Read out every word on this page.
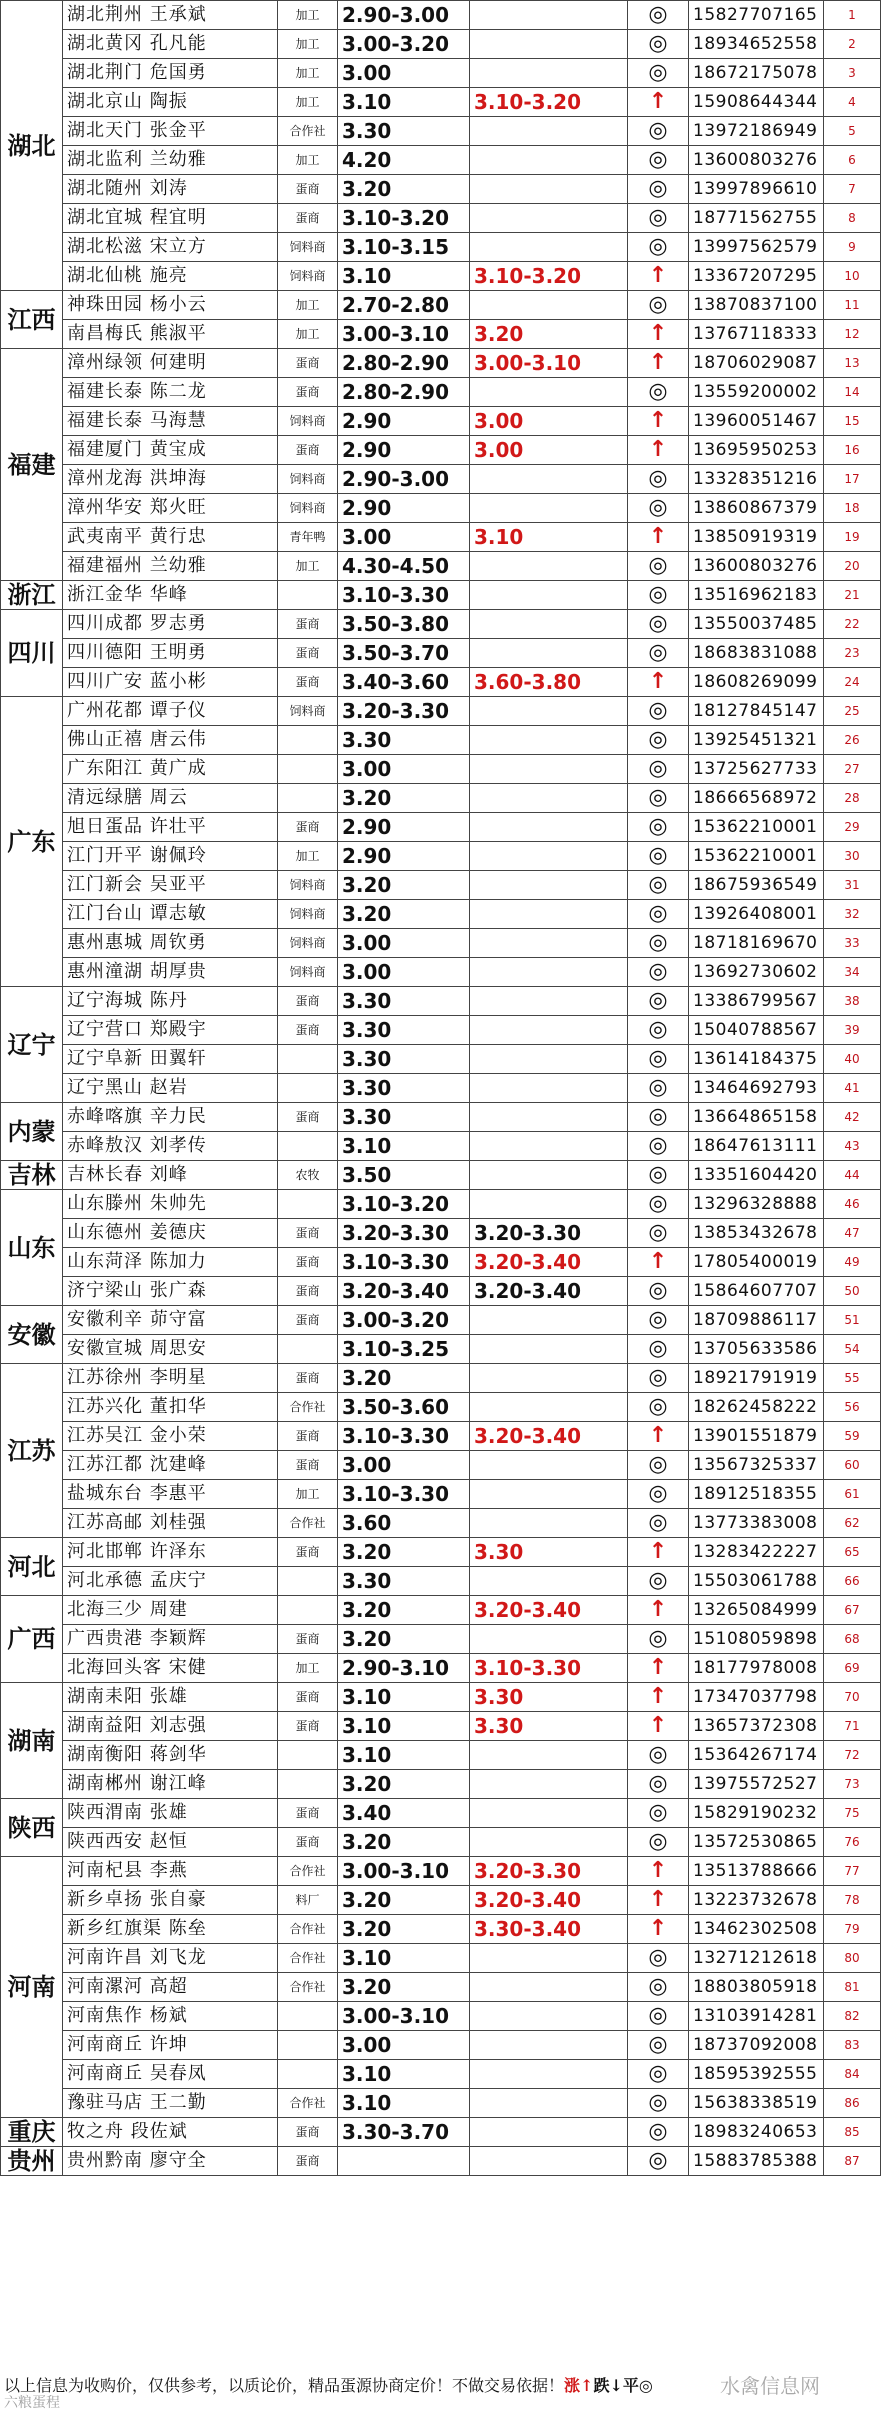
湖北	湖北荆州 王承斌	加工	2.90-3.00		◎	15827707165	1
	湖北黄冈 孔凡能	加工	3.00-3.20		◎	18934652558	2
	湖北荆门 危国勇	加工	3.00		◎	18672175078	3
	湖北京山 陶振	加工	3.10	3.10-3.20	↑	15908644344	4
	湖北天门 张金平	合作社	3.30		◎	13972186949	5
	湖北监利 兰幼雅	加工	4.20		◎	13600803276	6
	湖北随州 刘涛	蛋商	3.20		◎	13997896610	7
	湖北宜城 程宜明	蛋商	3.10-3.20		◎	18771562755	8
	湖北松滋 宋立方	饲料商	3.10-3.15		◎	13997562579	9
	湖北仙桃 施亮	饲料商	3.10	3.10-3.20	↑	13367207295	10
江西	神珠田园 杨小云	加工	2.70-2.80		◎	13870837100	11
	南昌梅氏 熊淑平	加工	3.00-3.10	3.20	↑	13767118333	12
福建	漳州绿领 何建明	蛋商	2.80-2.90	3.00-3.10	↑	18706029087	13
	福建长泰 陈二龙	蛋商	2.80-2.90		◎	13559200002	14
	福建长泰 马海慧	饲料商	2.90	3.00	↑	13960051467	15
	福建厦门 黄宝成	蛋商	2.90	3.00	↑	13695950253	16
	漳州龙海 洪坤海	饲料商	2.90-3.00		◎	13328351216	17
	漳州华安 郑火旺	饲料商	2.90		◎	13860867379	18
	武夷南平 黄行忠	青年鸭	3.00	3.10	↑	13850919319	19
	福建福州 兰幼雅	加工	4.30-4.50		◎	13600803276	20
浙江	浙江金华 华峰		3.10-3.30		◎	13516962183	21
四川	四川成都 罗志勇	蛋商	3.50-3.80		◎	13550037485	22
	四川德阳 王明勇	蛋商	3.50-3.70		◎	18683831088	23
	四川广安 蓝小彬	蛋商	3.40-3.60	3.60-3.80	↑	18608269099	24
广东	广州花都 谭子仪	饲料商	3.20-3.30		◎	18127845147	25
	佛山正禧 唐云伟		3.30		◎	13925451321	26
	广东阳江 黄广成		3.00		◎	13725627733	27
	清远绿膳 周云		3.20		◎	18666568972	28
	旭日蛋品 许壮平	蛋商	2.90		◎	15362210001	29
	江门开平 谢佩玲	加工	2.90		◎	15362210001	30
	江门新会 吴亚平	饲料商	3.20		◎	18675936549	31
	江门台山 谭志敏	饲料商	3.20		◎	13926408001	32
	惠州惠城 周钦勇	饲料商	3.00		◎	18718169670	33
	惠州潼湖 胡厚贵	饲料商	3.00		◎	13692730602	34
辽宁	辽宁海城 陈丹	蛋商	3.30		◎	13386799567	38
	辽宁营口 郑殿宇	蛋商	3.30		◎	15040788567	39
	辽宁阜新 田翼轩		3.30		◎	13614184375	40
	辽宁黑山 赵岩		3.30		◎	13464692793	41
内蒙	赤峰喀旗 辛力民	蛋商	3.30		◎	13664865158	42
	赤峰敖汉 刘孝传		3.10		◎	18647613111	43
吉林	吉林长春 刘峰	农牧	3.50		◎	13351604420	44
山东	山东滕州 朱帅先		3.10-3.20		◎	13296328888	46
	山东德州 姜德庆	蛋商	3.20-3.30	3.20-3.30	◎	13853432678	47
	山东菏泽 陈加力	蛋商	3.10-3.30	3.20-3.40	↑	17805400019	49
	济宁梁山 张广森	蛋商	3.20-3.40	3.20-3.40	◎	15864607707	50
安徽	安徽利辛 茆守富	蛋商	3.00-3.20		◎	18709886117	51
	安徽宣城 周思安		3.10-3.25		◎	13705633586	54
江苏	江苏徐州 李明星	蛋商	3.20		◎	18921791919	55
	江苏兴化 董扣华	合作社	3.50-3.60		◎	18262458222	56
	江苏吴江 金小荣	蛋商	3.10-3.30	3.20-3.40	↑	13901551879	59
	江苏江都 沈建峰	蛋商	3.00		◎	13567325337	60
	盐城东台 李惠平	加工	3.10-3.30		◎	18912518355	61
	江苏高邮 刘桂强	合作社	3.60		◎	13773383008	62
河北	河北邯郸 许泽东	蛋商	3.20	3.30	↑	13283422227	65
	河北承德 孟庆宁		3.30		◎	15503061788	66
广西	北海三少 周建		3.20	3.20-3.40	↑	13265084999	67
	广西贵港 李颖辉	蛋商	3.20		◎	15108059898	68
	北海回头客 宋健	加工	2.90-3.10	3.10-3.30	↑	18177978008	69
湖南	湖南耒阳 张雄	蛋商	3.10	3.30	↑	17347037798	70
	湖南益阳 刘志强	蛋商	3.10	3.30	↑	13657372308	71
	湖南衡阳 蒋剑华		3.10		◎	15364267174	72
	湖南郴州 谢江峰		3.20		◎	13975572527	73
陕西	陕西渭南 张雄	蛋商	3.40		◎	15829190232	75
	陕西西安 赵恒	蛋商	3.20		◎	13572530865	76
河南	河南杞县 李燕	合作社	3.00-3.10	3.20-3.30	↑	13513788666	77
	新乡卓扬 张自豪	料厂	3.20	3.20-3.40	↑	13223732678	78
	新乡红旗渠 陈垒	合作社	3.20	3.30-3.40	↑	13462302508	79
	河南许昌 刘飞龙	合作社	3.10		◎	13271212618	80
	河南漯河 高超	合作社	3.20		◎	18803805918	81
	河南焦作 杨斌		3.00-3.10		◎	13103914281	82
	河南商丘 许坤		3.00		◎	18737092008	83
	河南商丘 吴春凤		3.10		◎	18595392555	84
	豫驻马店 王二勤	合作社	3.10		◎	15638338519	86
重庆	牧之舟 段佐斌	蛋商	3.30-3.70		◎	18983240653	85
贵州	贵州黔南 廖守全	蛋商			◎	15883785388	87
以上信息为收购价，仅供参考，以质论价，精品蛋源协商定价！不做交易依据！涨↑跌↓平◎
六粮蛋程
水禽信息网
